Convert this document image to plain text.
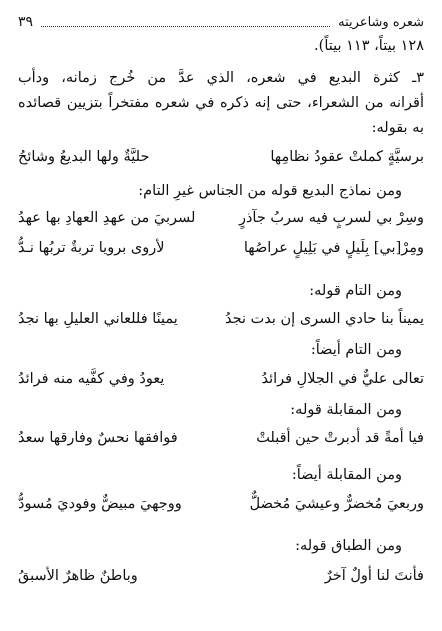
شعره وشاعريته
٣٩
١٢٨ بيتاً، ١١٣ بيتاً).
٣ـ كثرة البديع في شعره، الذي عدَّ من خُرج زمانه، ودأب
أقرانه من الشعراء، حتى إنه ذكره في شعره مفتخراً بتزيين قصائده
به بقوله:
برسيَّةٍ كملتْ عقودُ نظامِها
حليَّةٌ ولها البديعُ وشائحُ
ومن نماذج البديع قوله من الجناس غيرِ التام:
وسِرْ بي لسربٍ فيه سربُ جآذرٍ
لسربيَ من عهدِ العهادِ بها عهدُ
ومِرْ[بي] بِلَيلٍ في بَلِيلٍ عراصُها
لأروى برويا تربةٌ تربُها نـدُّ
ومن التام قوله:
يميناً بنا حادي السرى إن بدت نجدُ
يمينًا فللعاني العليلِ بها نجدُ
ومن التام أيضاً:
تعالى عليٌّ في الجلالِ فرائدُ
يعودُ وفي كفَّيه منه فرائدُ
ومن المقابلة قوله:
فيا أمةً قد أدبرتْ حين أقبلتْ
فوافقها نحسٌ وفارقها سعدُ
ومن المقابلة أيضاً:
وربعيَ مُخضرٌّ وعيشيَ مُخضلٌّ
ووجهيَ مبيضٌّ وفوديَ مُسودُّ
ومن الطباق قوله:
فأنتَ لنا أولٌ آخرٌ
وباطنٌ ظاهرٌ الأسبقُ
